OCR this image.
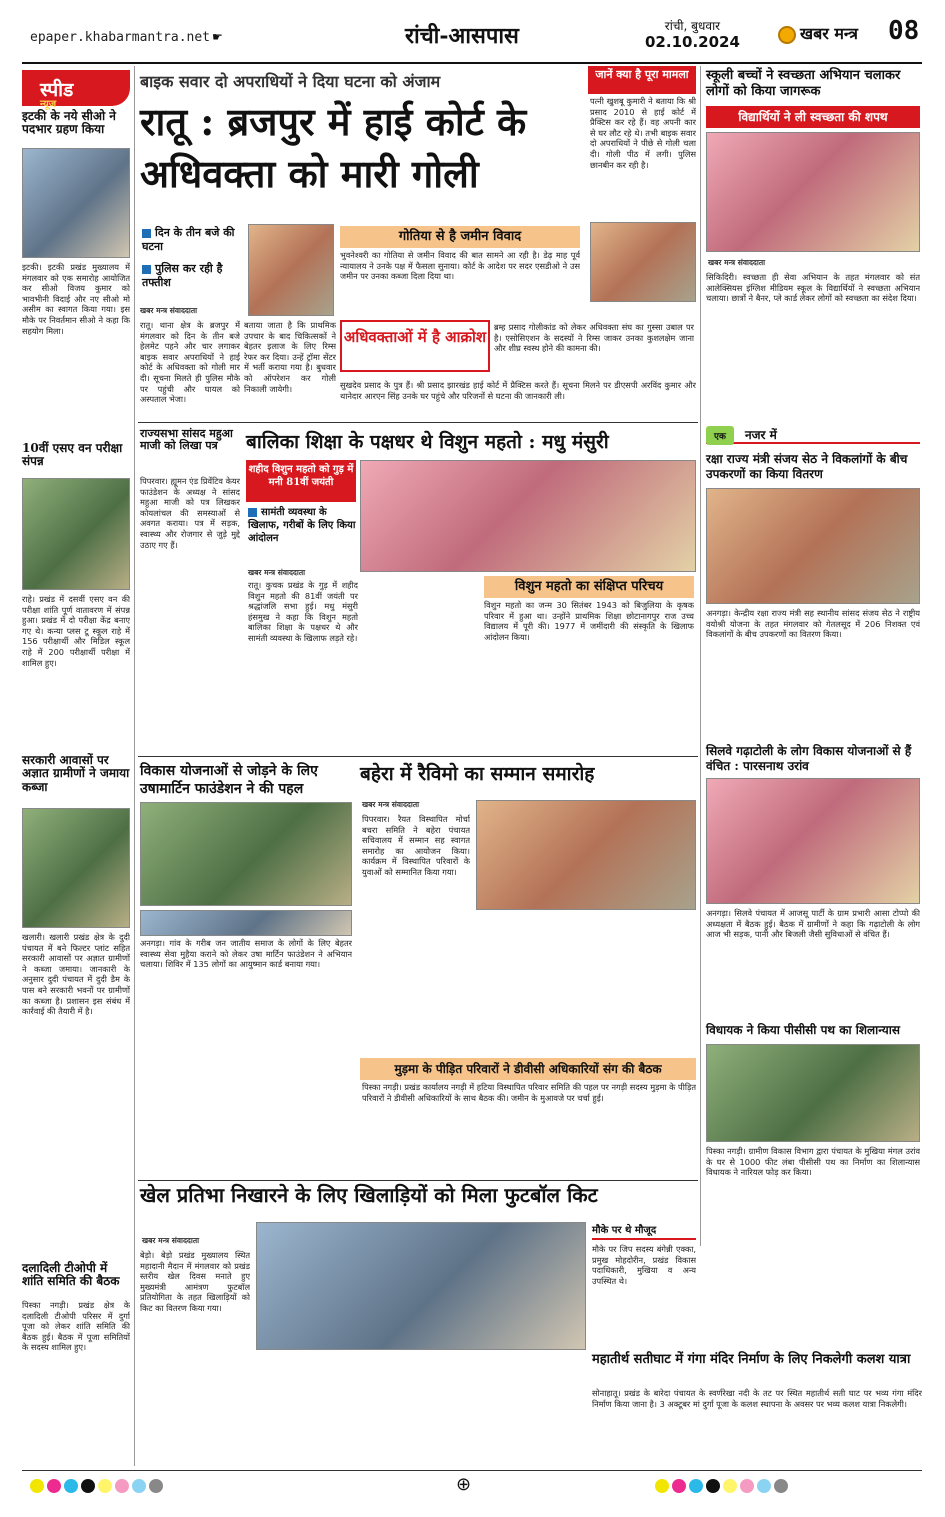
epaper.khabarmantra.net ☛	रांची-आसपास	रांची, बुधवार
02.10.2024	खबर मन्त्र 08
स्पीड
न्यूज
इटकी के नये सीओ ने पदभार ग्रहण किया
इटकी। इटकी प्रखंड मुख्यालय में मंगलवार को एक समारोह आयोजित कर सीओ विजय कुमार को भावभीनी विदाई और नए सीओ मो असीम का स्वागत किया गया। इस मौके पर निवर्तमान सीओ ने कहा कि सहयोग मिला।
10वीं एसए वन परीक्षा संपन्न
राहे। प्रखंड में दसवीं एसए वन की परीक्षा शांति पूर्ण वातावरण में संपन्न हुआ। प्रखंड में दो परीक्षा केंद्र बनाए गए थे। कन्या प्लस टू स्कूल राहे में 156 परीक्षार्थी और मिडिल स्कूल राहे में 200 परीक्षार्थी परीक्षा में शामिल हुए।
सरकारी आवासों पर अज्ञात ग्रामीणों ने जमाया कब्जा
खलारी। खलारी प्रखंड क्षेत्र के दुदी पंचायत में बने फिल्टर प्लांट सहित सरकारी आवासों पर अज्ञात ग्रामीणों ने कब्जा जमाया। जानकारी के अनुसार दुदी पंचायत में दुदी डैम के पास बने सरकारी भवनों पर ग्रामीणों का कब्जा है। प्रशासन इस संबंध में कार्रवाई की तैयारी में है।
दलादिली टीओपी में शांति समिति की बैठक
पिस्का नगड़ी। प्रखंड क्षेत्र के दलादिली टीओपी परिसर में दुर्गा पूजा को लेकर शांति समिति की बैठक हुई। बैठक में पूजा समितियों के सदस्य शामिल हुए।
बाइक सवार दो अपराधियों ने दिया घटना को अंजाम
रातू : ब्रजपुर में हाई कोर्ट के अधिवक्ता को मारी गोली
दिन के तीन बजे की घटना
पुलिस कर रही है तफ्तीश
खबर मन्त्र संवाददाता
रातू। थाना क्षेत्र के ब्रजपुर में मंगलवार को दिन के तीन बजे हेलमेट पहने और चार लगाकर बाइक सवार अपराधियों ने हाई कोर्ट के अधिवक्ता को गोली मार दी। सूचना मिलते ही पुलिस मौके पर पहुंची और घायल को अस्पताल भेजा।
बताया जाता है कि प्राथमिक उपचार के बाद चिकित्सकों ने बेहतर इलाज के लिए रिम्स रेफर कर दिया। उन्हें ट्रॉमा सेंटर में भर्ती कराया गया है। बुधवार को ऑपरेशन कर गोली निकाली जायेगी।
जानें क्या है पूरा मामला
पत्नी खुशबू कुमारी ने बताया कि श्री प्रसाद 2010 से हाई कोर्ट में प्रैक्टिस कर रहे हैं। वह अपनी कार से घर लौट रहे थे। तभी बाइक सवार दो अपराधियों ने पीछे से गोली चला दी। गोली पीठ में लगी। पुलिस छानबीन कर रही है।
गोतिया से है जमीन विवाद
भुवनेश्वरी का गोतिया से जमीन विवाद की बात सामने आ रही है। डेढ़ माह पूर्व न्यायालय ने उनके पक्ष में फैसला सुनाया। कोर्ट के आदेश पर सदर एसडीओ ने उस जमीन पर उनका कब्जा दिला दिया था।
अधिवक्ताओं में है आक्रोश
ब्रम्ह प्रसाद गोलीकांड को लेकर अधिवक्ता संघ का गुस्सा उबाल पर है। एसोसिएशन के सदस्यों ने रिम्स जाकर उनका कुशलक्षेम जाना और शीघ्र स्वस्थ होने की कामना की।
सुखदेव प्रसाद के पुत्र हैं। श्री प्रसाद झारखंड हाई कोर्ट में प्रैक्टिस करते हैं। सूचना मिलने पर डीएसपी अरविंद कुमार और थानेदार आरएन सिंह उनके घर पहुंचे और परिजनों से घटना की जानकारी ली।
राज्यसभा सांसद महुआ माजी को लिखा पत्र
पिपरवार। ह्यूमन एंड प्रिवेंटिव केयर फाउंडेशन के अध्यक्ष ने सांसद महुआ माजी को पत्र लिखकर कोयलांचल की समस्याओं से अवगत कराया। पत्र में सड़क, स्वास्थ्य और रोजगार से जुड़े मुद्दे उठाए गए हैं।
बालिका शिक्षा के पक्षधर थे विशुन महतो : मधु मंसुरी
शहीद विशुन महतो को गुड़ में मनी 81वीं जयंती
सामंती व्यवस्था के खिलाफ, गरीबों के लिए किया आंदोलन
खबर मन्त्र संवाददाता
रातू। कुचक प्रखंड के गुड़ में शहीद विशुन महतो की 81वीं जयंती पर श्रद्धांजलि सभा हुई। मधु मंसुरी हंसमुख ने कहा कि विशुन महतो बालिका शिक्षा के पक्षधर थे और सामंती व्यवस्था के खिलाफ लड़ते रहे।
विशुन महतो का संक्षिप्त परिचय
विशुन महतो का जन्म 30 सितंबर 1943 को बिजुलिया के कृषक परिवार में हुआ था। उन्होंने प्राथमिक शिक्षा छोटानागपुर राज उच्च विद्यालय में पूरी की। 1977 में जमींदारी की संस्कृति के खिलाफ आंदोलन किया।
विकास योजनाओं से जोड़ने के लिए उषामार्टिन फाउंडेशन ने की पहल
अनगड़ा। गांव के गरीब जन जातीय समाज के लोगों के लिए बेहतर स्वास्थ्य सेवा मुहैया कराने को लेकर उषा मार्टिन फाउंडेशन ने अभियान चलाया। शिविर में 135 लोगों का आयुष्मान कार्ड बनाया गया।
बहेरा में रैविमो का सम्मान समारोह
खबर मन्त्र संवाददाता
पिपरवार। रैयत विस्थापित मोर्चा बचरा समिति ने बहेरा पंचायत सचिवालय में सम्मान सह स्वागत समारोह का आयोजन किया। कार्यक्रम में विस्थापित परिवारों के युवाओं को सम्मानित किया गया।
मुड़मा के पीड़ित परिवारों ने डीवीसी अधिकारियों संग की बैठक
पिस्का नगड़ी। प्रखंड कार्यालय नगड़ी में हटिया विस्थापित परिवार समिति की पहल पर नगड़ी सदस्य मुड़मा के पीड़ित परिवारों ने डीवीसी अधिकारियों के साथ बैठक की। जमीन के मुआवजे पर चर्चा हुई।
खेल प्रतिभा निखारने के लिए खिलाड़ियों को मिला फुटबॉल किट
खबर मन्त्र संवाददाता
बेड़ो। बेड़ो प्रखंड मुख्यालय स्थित महादानी मैदान में मंगलवार को प्रखंड स्तरीय खेल दिवस मनाते हुए मुख्यमंत्री आमंत्रण फुटबॉल प्रतियोगिता के तहत खिलाड़ियों को किट का वितरण किया गया।
मौके पर थे मौजूद
मौके पर जिप सदस्य बंगेन्नी एक्का, प्रमुख मोहदोरीन, प्रखंड विकास पदाधिकारी, मुखिया व अन्य उपस्थित थे।
स्कूली बच्चों ने स्वच्छता अभियान चलाकर लोगों को किया जागरूक
विद्यार्थियों ने ली स्वच्छता की शपथ
खबर मन्त्र संवाददाता
सिकिदिरी। स्वच्छता ही सेवा अभियान के तहत मंगलवार को संत आलेक्सियस इंग्लिश मीडियम स्कूल के विद्यार्थियों ने स्वच्छता अभियान चलाया। छात्रों ने बैनर, प्ले कार्ड लेकर लोगों को स्वच्छता का संदेश दिया।
एक नजर में
रक्षा राज्य मंत्री संजय सेठ ने विकलांगों के बीच उपकरणों का किया वितरण
अनगड़ा। केन्द्रीय रक्षा राज्य मंत्री सह स्थानीय सांसद संजय सेठ ने राष्ट्रीय वयोश्री योजना के तहत मंगलवार को गेतलसूद में 206 निशक्त एवं विकलांगों के बीच उपकरणों का वितरण किया।
सिलवे गढ़ाटोली के लोग विकास योजनाओं से हैं वंचित : पारसनाथ उरांव
अनगड़ा। सिलवे पंचायत में आजसू पार्टी के ग्राम प्रभारी आसा टोप्पो की अध्यक्षता में बैठक हुई। बैठक में ग्रामीणों ने कहा कि गढ़ाटोली के लोग आज भी सड़क, पानी और बिजली जैसी सुविधाओं से वंचित हैं।
विधायक ने किया पीसीसी पथ का शिलान्यास
पिस्का नगड़ी। ग्रामीण विकास विभाग द्वारा पंचायत के मुखिया मंगल उरांव के घर से 1000 फीट लंबा पीसीसी पथ का निर्माण का शिलान्यास विधायक ने नारियल फोड़ कर किया।
महातीर्थ सतीघाट में गंगा मंदिर निर्माण के लिए निकलेगी कलश यात्रा
सोनाहातू। प्रखंड के बारेदा पंचायत के स्वर्णरेखा नदी के तट पर स्थित महातीर्थ सती घाट पर भव्य गंगा मंदिर निर्माण किया जाना है। 3 अक्टूबर मां दुर्गा पूजा के कलश स्थापना के अवसर पर भव्य कलश यात्रा निकलेगी।
⊕
